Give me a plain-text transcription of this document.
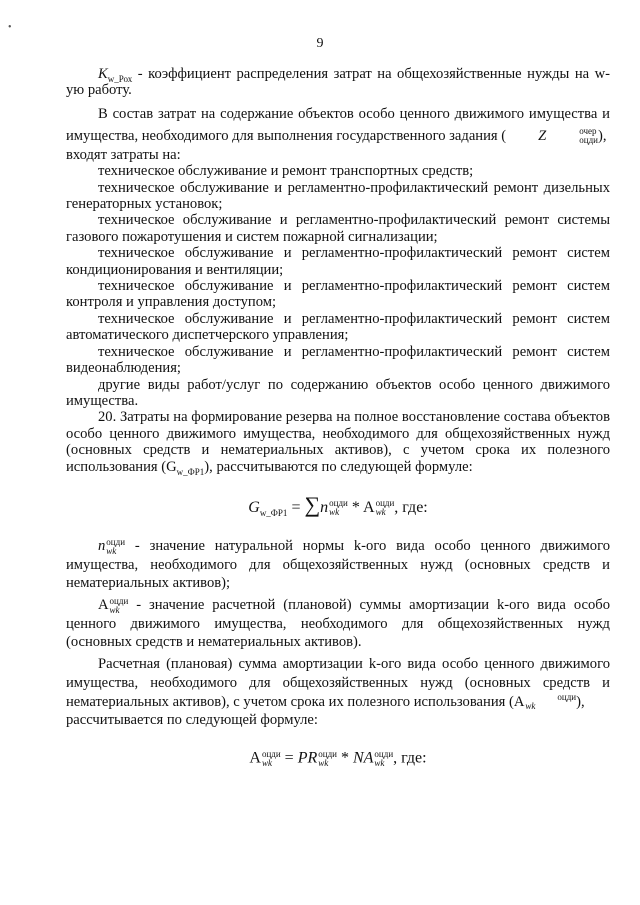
•
9

$K_{w\_Рох}$ - коэффициент распределения затрат на общехозяйственные нужды на w-ую работу.

В состав затрат на содержание объектов особо ценного движимого имущества и имущества, необходимого для выполнения государственного задания ( Z	очер
оцди ),

входят затраты на:

техническое обслуживание и ремонт транспортных средств;

техническое обслуживание и регламентно-профилактический ремонт дизельных генераторных установок;

техническое обслуживание и регламентно-профилактический ремонт системы газового пожаротушения и систем пожарной сигнализации;

техническое обслуживание и регламентно-профилактический ремонт систем кондиционирования и вентиляции;

техническое обслуживание и регламентно-профилактический ремонт систем контроля и управления доступом;

техническое обслуживание и регламентно-профилактический ремонт систем автоматического диспетчерского управления;

техническое обслуживание и регламентно-профилактический ремонт систем видеонаблюдения;

другие виды работ/услуг по содержанию объектов особо ценного движимого имущества.

20. Затраты на формирование резерва на полное восстановление состава объектов особо ценного движимого имущества, необходимого для общехозяйственных нужд (основных средств и нематериальных активов), с учетом срока их полезного использования $(G_{w\_ФР1})$, рассчитываются по следующей формуле:

$G_{w\_ФР1} = \sum n$ оцди
wk * A оцди
wk , где:

n оцди
wk - значение натуральной нормы k-ого вида особо ценного движимого имущества, необходимого для общехозяйственных нужд (основных средств и нематериальных активов);

A оцди
wk - значение расчетной (плановой) суммы амортизации k-ого вида особо ценного движимого имущества, необходимого для общехозяйственных нужд (основных средств и нематериальных активов).

Расчетная (плановая) сумма амортизации k-ого вида особо ценного движимого имущества, необходимого для общехозяйственных нужд (основных средств и нематериальных активов), с учетом срока их полезного использования (A	оцди
wk	),

рассчитывается по следующей формуле:

A оцди
wk = PR оцди
wk * NA оцди
wk , где:
